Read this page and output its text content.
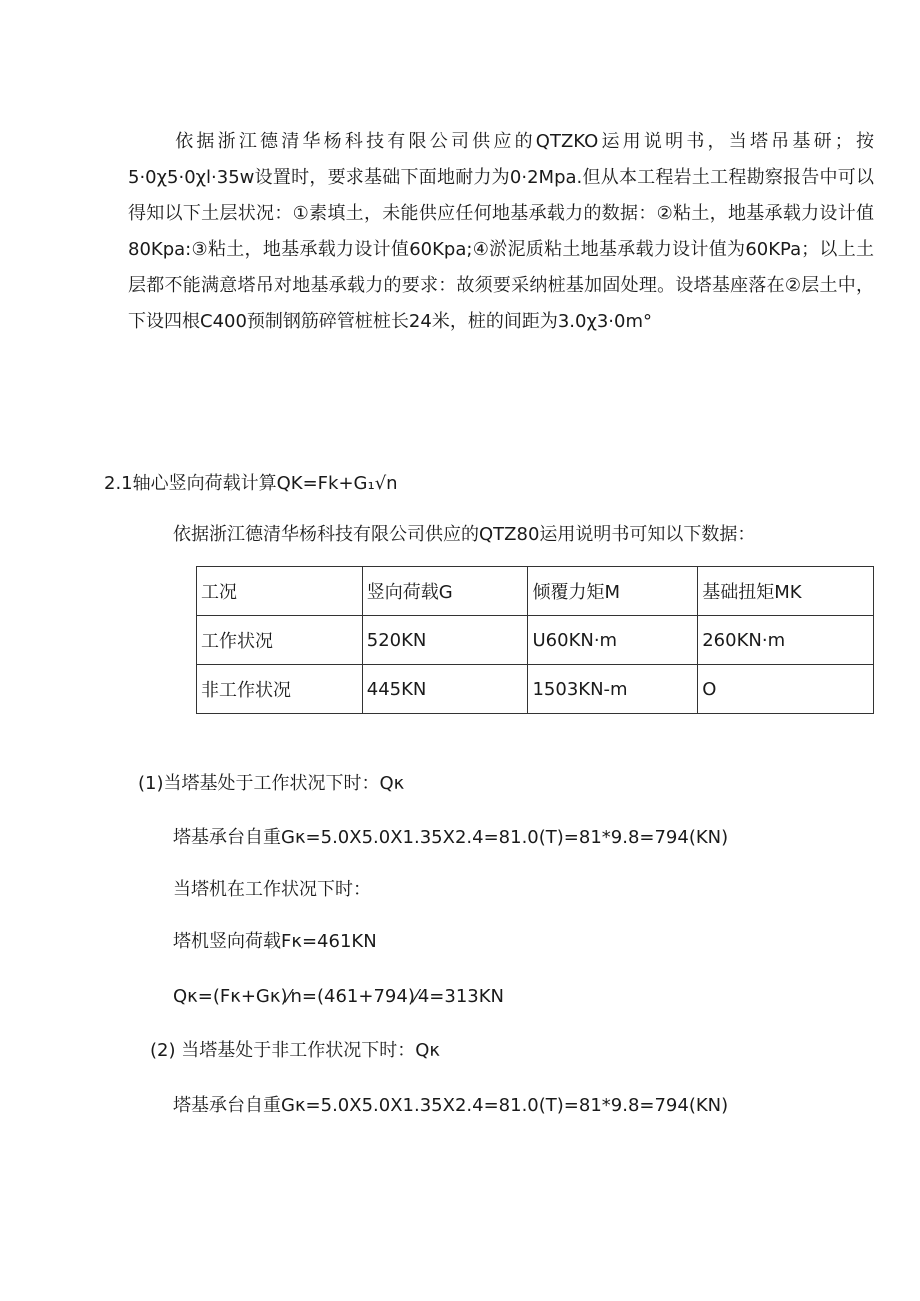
依据浙江德清华杨科技有限公司供应的QTZKO运用说明书，当塔吊基研；按5·0χ5·0χl·35w设置时，要求基础下面地耐力为0·2Mpa.但从本工程岩土工程勘察报告中可以得知以下土层状况：①素填土，未能供应任何地基承载力的数据：②粘土，地基承载力设计值80Kpa:③粘土，地基承载力设计值60Kpa;④淤泥质粘土地基承载力设计值为60KPa；以上土层都不能满意塔吊对地基承载力的要求：故须要采纳桩基加固处理。设塔基座落在②层土中，下设四根C400预制钢筋碎管桩桩长24米，桩的间距为3.0χ3·0m°

2.1轴心竖向荷载计算QK=Fk+G₁√n

依据浙江德清华杨科技有限公司供应的QTZ80运用说明书可知以下数据：

工况	竖向荷载G	倾覆力矩M	基础扭矩MK
工作状况	520KN	U60KN·m	260KN·m
非工作状况	445KN	1503KN-m	O

(1)当塔基处于工作状况下时：Qκ

塔基承台自重Gκ=5.0X5.0X1.35X2.4=81.0(T)=81*9.8=794(KN)

当塔机在工作状况下时：

塔机竖向荷载Fκ=461KN

Qκ=(Fκ+Gκ)⁄n=(461+794)⁄4=313KN

(2) 当塔基处于非工作状况下时：Qκ

塔基承台自重Gκ=5.0X5.0X1.35X2.4=81.0(T)=81*9.8=794(KN)
